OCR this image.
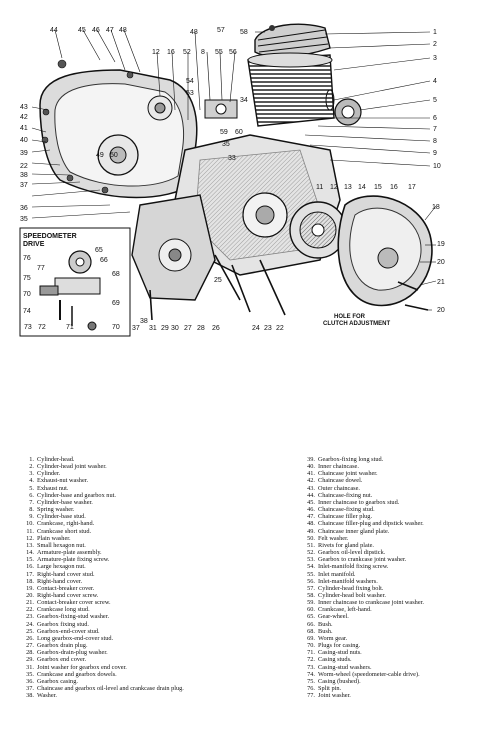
SPEEDOMETER
DRIVE
HOLE FOR
CLUTCH ADJUSTMENT
1
2
3
4
5
6
7
8
9
10
11 12 13 14 15 16 17
18
19
20
21
20
22
23
24
25
26
27 28
29 30
31
33
34
35
35
36
37
37
38
38
39
40
41
42
43
44	45 46 47 48	48
49 50
52
53
54
55 56
57 58
59 60
12 16	8
22
65
66
68
69
70
70
71
72
73
74
75
76
77
1. Cylinder-head.
2. Cylinder-head joint washer.
3. Cylinder.
4. Exhaust-nut washer.
5. Exhaust nut.
6. Cylinder-base and gearbox nut.
7. Cylinder-base washer.
8. Spring washer.
9. Cylinder-base stud.
10. Crankcase, right-hand.
11. Crankcase short stud.
12. Plain washer.
13. Small hexagon nut.
14. Armature-plate assembly.
15. Armature-plate fixing screw.
16. Large hexagon nut.
17. Right-hand cover stud.
18. Right-hand cover.
19. Contact-breaker cover.
20. Right-hand cover screw.
21. Contact-breaker cover screw.
22. Crankcase long stud.
23. Gearbox-fixing-stud washer.
24. Gearbox fixing stud.
25. Gearbox-end-cover stud.
26. Long gearbox-end-cover stud.
27. Gearbox drain plug.
28. Gearbox-drain-plug washer.
29. Gearbox end cover.
31. Joint washer for gearbox end cover.
35. Crankcase and gearbox dowels.
36. Gearbox casing.
37. Chaincase and gearbox oil-level and crankcase drain plug.
38. Washer.
39. Gearbox-fixing long stud.
40. Inner chaincase.
41. Chaincase joint washer.
42. Chaincase dowel.
43. Outer chaincase.
44. Chaincase-fixing nut.
45. Inner chaincase to gearbox stud.
46. Chaincase-fixing stud.
47. Chaincase filler plug.
48. Chaincase filler-plug and dipstick washer.
49. Chaincase inner gland plate.
50. Felt washer.
51. Rivets for gland plate.
52. Gearbox oil-level dipstick.
53. Gearbox to crankcase joint washer.
54. Inlet-manifold fixing screw.
55. Inlet manifold.
56. Inlet-manifold washers.
57. Cylinder-head fixing bolt.
58. Cylinder-head bolt washer.
59. Inner chaincase to crankcase joint washer.
60. Crankcase, left-hand.
65. Gear-wheel.
66. Bush.
68. Bush.
69. Worm gear.
70. Plugs for casing.
71. Casing-stud nuts.
72. Casing studs.
73. Casing-stud washers.
74. Worm-wheel (speedometer-cable drive).
75. Casing (bushed).
76. Split pin.
77. Joint washer.
